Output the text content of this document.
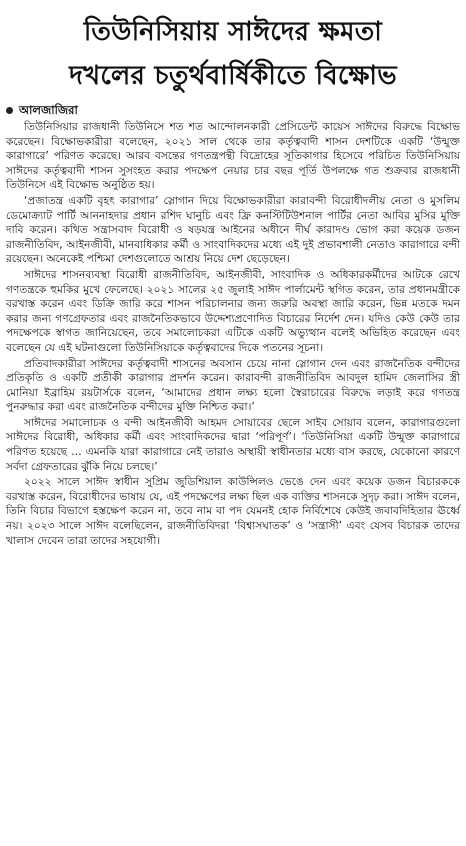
তিউনিসিয়ায় সাঈদের ক্ষমতা
দখলের চতুর্থবার্ষিকীতে বিক্ষোভ
আলজাজিরা

তিউনিসিয়ার রাজধানী তিউনিসে শত শত আন্দোলনকারী প্রেসিডেন্ট কায়েস সাঈদের বিরুদ্ধে বিক্ষোভ করেছেন। বিক্ষোভকারীরা বলেছেন, ২০২১ সাল থেকে তার কর্তৃত্ববাদী শাসন দেশটিকে একটি ‘উন্মুক্ত কারাগারে’ পরিণত করেছে। আরব বসন্তের গণতন্ত্রপন্থী বিদ্রোহের সূতিকাগার হিসেবে পরিচিত তিউনিসিয়ায় সাঈদের কর্তৃত্ববাদী শাসন সুসংহত করার পদক্ষেপ নেয়ার চার বছর পূর্তি উপলক্ষে গত শুক্রবার রাজধানী তিউনিসে এই বিক্ষোভ অনুষ্ঠিত হয়।

‘প্রজাতন্ত্র একটি বৃহৎ কারাগার’ স্লোগান দিয়ে বিক্ষোভকারীরা কারাবন্দী বিরোধীদলীয় নেতা ও মুসলিম ডেমোক্র্যাট পার্টি আননাহদার প্রধান রশিদ ঘানুচি এবং ফ্রি কনস্টিটিউশনাল পার্টির নেতা আবির মুসির মুক্তি দাবি করেন। কথিত সন্ত্রাসবাদ বিরোধী ও ষড়যন্ত্র আইনের অধীনে দীর্ঘ কারাদণ্ড ভোগ করা কয়েক ডজন রাজনীতিবিদ, আইনজীবী, মানবাধিকার কর্মী ও সাংবাদিকদের মধ্যে এই দুই প্রভাবশালী নেতাও কারাগারে বন্দী রয়েছেন। অনেকেই পশ্চিমা দেশগুলোতে আশ্রয় নিয়ে দেশ ছেড়েছেন।

সাঈদের শাসনব্যবস্থা বিরোধী রাজনীতিবিদ, আইনজীবী, সাংবাদিক ও অধিকারকর্মীদের আটকে রেখে গণতন্ত্রকে হুমকির মুখে ফেলেছে। ২০২১ সালের ২৫ জুলাই সাঈদ পার্লামেন্ট স্থগিত করেন, তার প্রধানমন্ত্রীকে বরখাস্ত করেন এবং ডিক্রি জারি করে শাসন পরিচালনার জন্য জরুরি অবস্থা জারি করেন, ভিন্ন মতকে দমন করার জন্য গণগ্রেফতার এবং রাজনৈতিকভাবে উদ্দেশ্যপ্রণোদিত বিচারের নির্দেশ দেন। যদিও কেউ কেউ তার পদক্ষেপকে স্বাগত জানিয়েছেন, তবে সমালোচকরা এটিকে একটি অভ্যুত্থান বলেই অভিহিত করেছেন এবং বলেছেন যে এই ঘটনাগুলো তিউনিসিয়াকে কর্তৃত্ববাদের দিকে পতনের সূচনা।

প্রতিবাদকারীরা সাঈদের কর্তৃত্ববাদী শাসনের অবসান চেয়ে নানা স্লোগান দেন এবং রাজনৈতিক বন্দীদের প্রতিকৃতি ও একটি প্রতীকী কারাগার প্রদর্শন করেন। কারাবন্দী রাজনীতিবিদ আবদুল হামিদ জেলাসির স্ত্রী মোনিয়া ইব্রাহিম রয়টার্সকে বলেন, ‘আমাদের প্রধান লক্ষ্য হলো স্বৈরাচারের বিরুদ্ধে লড়াই করে গণতন্ত্র পুনরুদ্ধার করা এবং রাজনৈতিক বন্দীদের মুক্তি নিশ্চিত করা।’

সাঈদের সমালোচক ও বন্দী আইনজীবী আহমদ সোয়াবের ছেলে সাইব সোয়াব বলেন, কারাগারগুলো সাঈদের বিরোধী, অধিকার কর্মী এবং সাংবাদিকদের দ্বারা ‘পরিপূর্ণ’। ‘তিউনিসিয়া একটি উন্মুক্ত কারাগারে পরিণত হয়েছে … এমনকি যারা কারাগারে নেই তারাও অস্থায়ী স্বাধীনতার মধ্যে বাস করছে, যেকোনো কারণে সর্বদা গ্রেফতারের ঝুঁকি নিয়ে চলছে।’

২০২২ সালে সাঈদ স্বাধীন সুপ্রিম জুডিশিয়াল কাউন্সিলও ভেঙে দেন এবং কয়েক ডজন বিচারককে বরখাস্ত করেন, বিরোধীদের ভাষায় যে, এই পদক্ষেপের লক্ষ্য ছিল এক ব্যক্তির শাসনকে সুদৃঢ় করা। সাঈদ বলেন, তিনি বিচার বিভাগে হস্তক্ষেপ করেন না, তবে নাম বা পদ যেমনই হোক নির্বিশেষে কেউই জবাবদিহিতার ঊর্ধ্বে নয়। ২০২৩ সালে সাঈদ বলেছিলেন, রাজনীতিবিদরা ‘বিশ্বাসঘাতক’ ও ‘সন্ত্রাসী’ এবং যেসব বিচারক তাদের খালাস দেবেন তারা তাদের সহযোগী।
